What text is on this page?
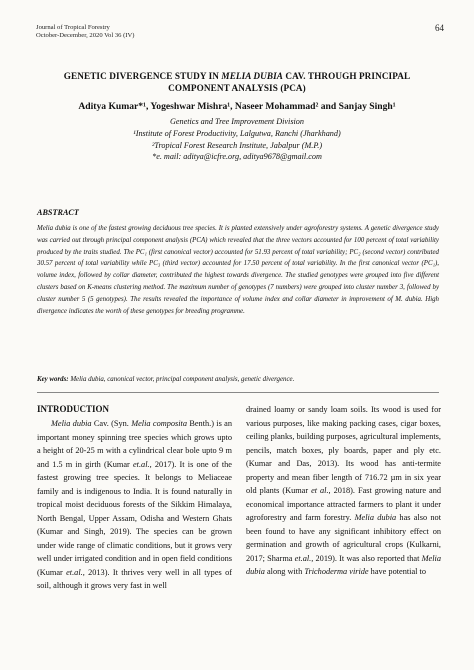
Journal of Tropical Forestry
October-December, 2020 Vol 36 (IV)
64
GENETIC DIVERGENCE STUDY IN MELIA DUBIA CAV. THROUGH PRINCIPAL
COMPONENT ANALYSIS (PCA)
Aditya Kumar*¹, Yogeshwar Mishra¹, Naseer Mohammad² and Sanjay Singh¹
Genetics and Tree Improvement Division
¹Institute of Forest Productivity, Lalgutwa, Ranchi (Jharkhand)
²Tropical Forest Research Institute, Jabalpur (M.P.)
*e. mail: aditya@icfre.org, aditya9678@gmail.com
ABSTRACT
Melia dubia is one of the fastest growing deciduous tree species. It is planted extensively under agroforestry systems. A genetic divergence study was carried out through principal component analysis (PCA) which revealed that the three vectors accounted for 100 percent of total variability produced by the traits studied. The PC₁ (first canonical vector) accounted for 51.93 percent of total variability; PC₂ (second vector) contributed 30.57 percent of total variability while PC₃ (third vector) accounted for 17.50 percent of total variability. In the first canonical vector (PC₁), volume index, followed by collar diameter, contributed the highest towards divergence. The studied genotypes were grouped into five different clusters based on K-means clustering method. The maximum number of genotypes (7 numbers) were grouped into cluster number 3, followed by cluster number 5 (5 genotypes). The results revealed the importance of volume index and collar diameter in improvement of M. dubia. High divergence indicates the worth of these genotypes for breeding programme.
Key words: Melia dubia, canonical vector, principal component analysis, genetic divergence.
INTRODUCTION

Melia dubia Cav. (Syn. Melia composita Benth.) is an important money spinning tree species which grows upto a height of 20-25 m with a cylindrical clear bole upto 9 m and 1.5 m in girth (Kumar et.al., 2017). It is one of the fastest growing tree species. It belongs to Meliaceae family and is indigenous to India. It is found naturally in tropical moist deciduous forests of the Sikkim Himalaya, North Bengal, Upper Assam, Odisha and Western Ghats (Kumar and Singh, 2019). The species can be grown under wide range of climatic conditions, but it grows very well under irrigated condition and in open field conditions (Kumar et.al., 2013). It thrives very well in all types of soil, although it grows very fast in well

drained loamy or sandy loam soils. Its wood is used for various purposes, like making packing cases, cigar boxes, ceiling planks, building purposes, agricultural implements, pencils, match boxes, ply boards, paper and ply etc. (Kumar and Das, 2013). Its wood has anti-termite property and mean fiber length of 716.72 µm in six year old plants (Kumar et al., 2018). Fast growing nature and economical importance attracted farmers to plant it under agroforestry and farm forestry. Melia dubia has also not been found to have any significant inhibitory effect on germination and growth of agricultural crops (Kulkarni, 2017; Sharma et.al., 2019). It was also reported that Melia dubia along with Trichoderma viride have potential to
